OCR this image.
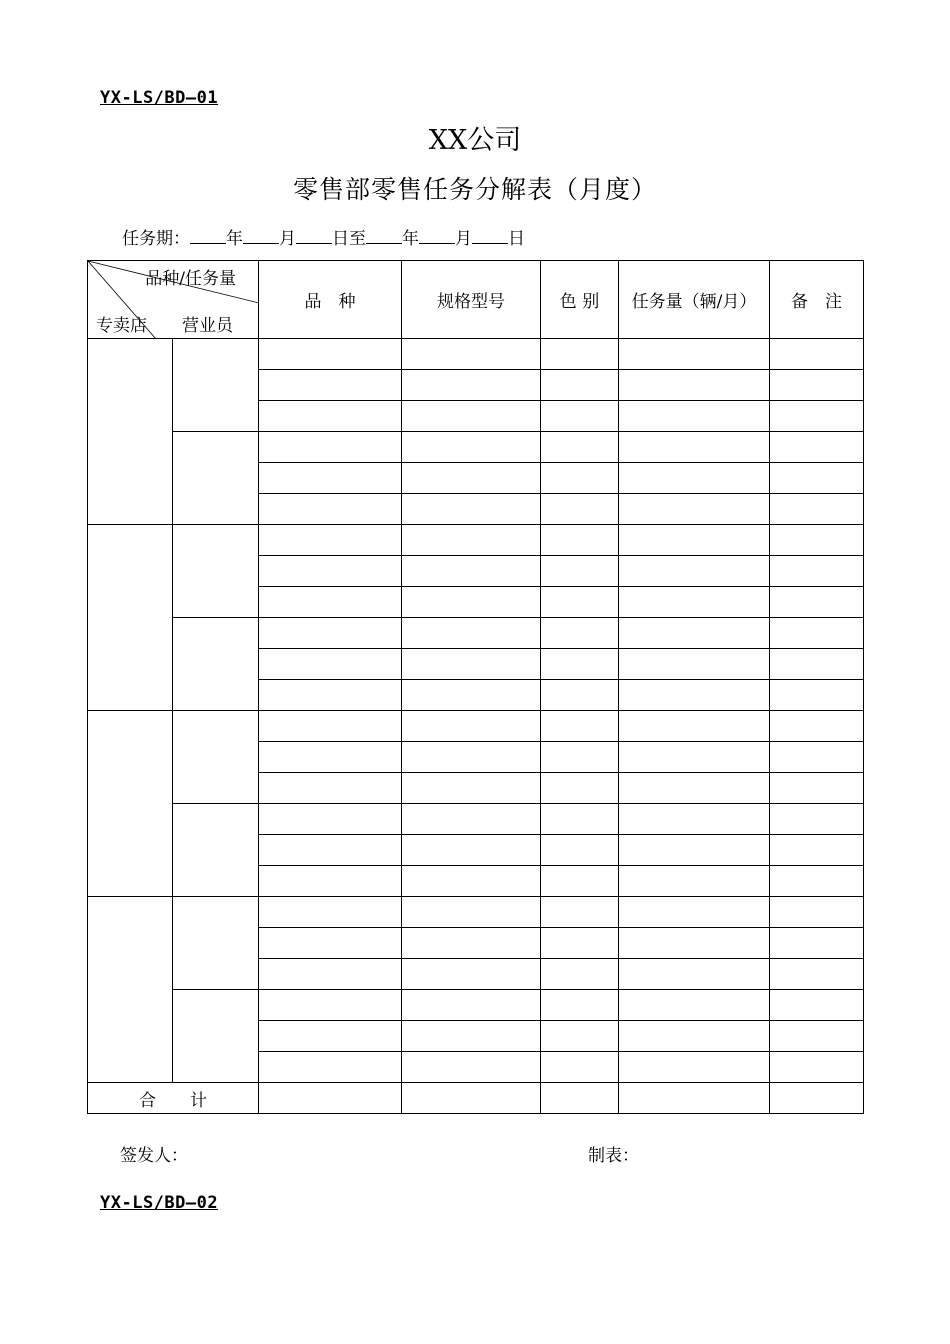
YX-LS/BD—01
XX公司
零售部零售任务分解表（月度）
任务期： 年 月 日至 年 月 日
品种/任务量
专卖店 营业员		品　种	规格型号	色 别	任务量（辆/月）	备　注

合　　计						
签发人：	制表：
YX-LS/BD—02
